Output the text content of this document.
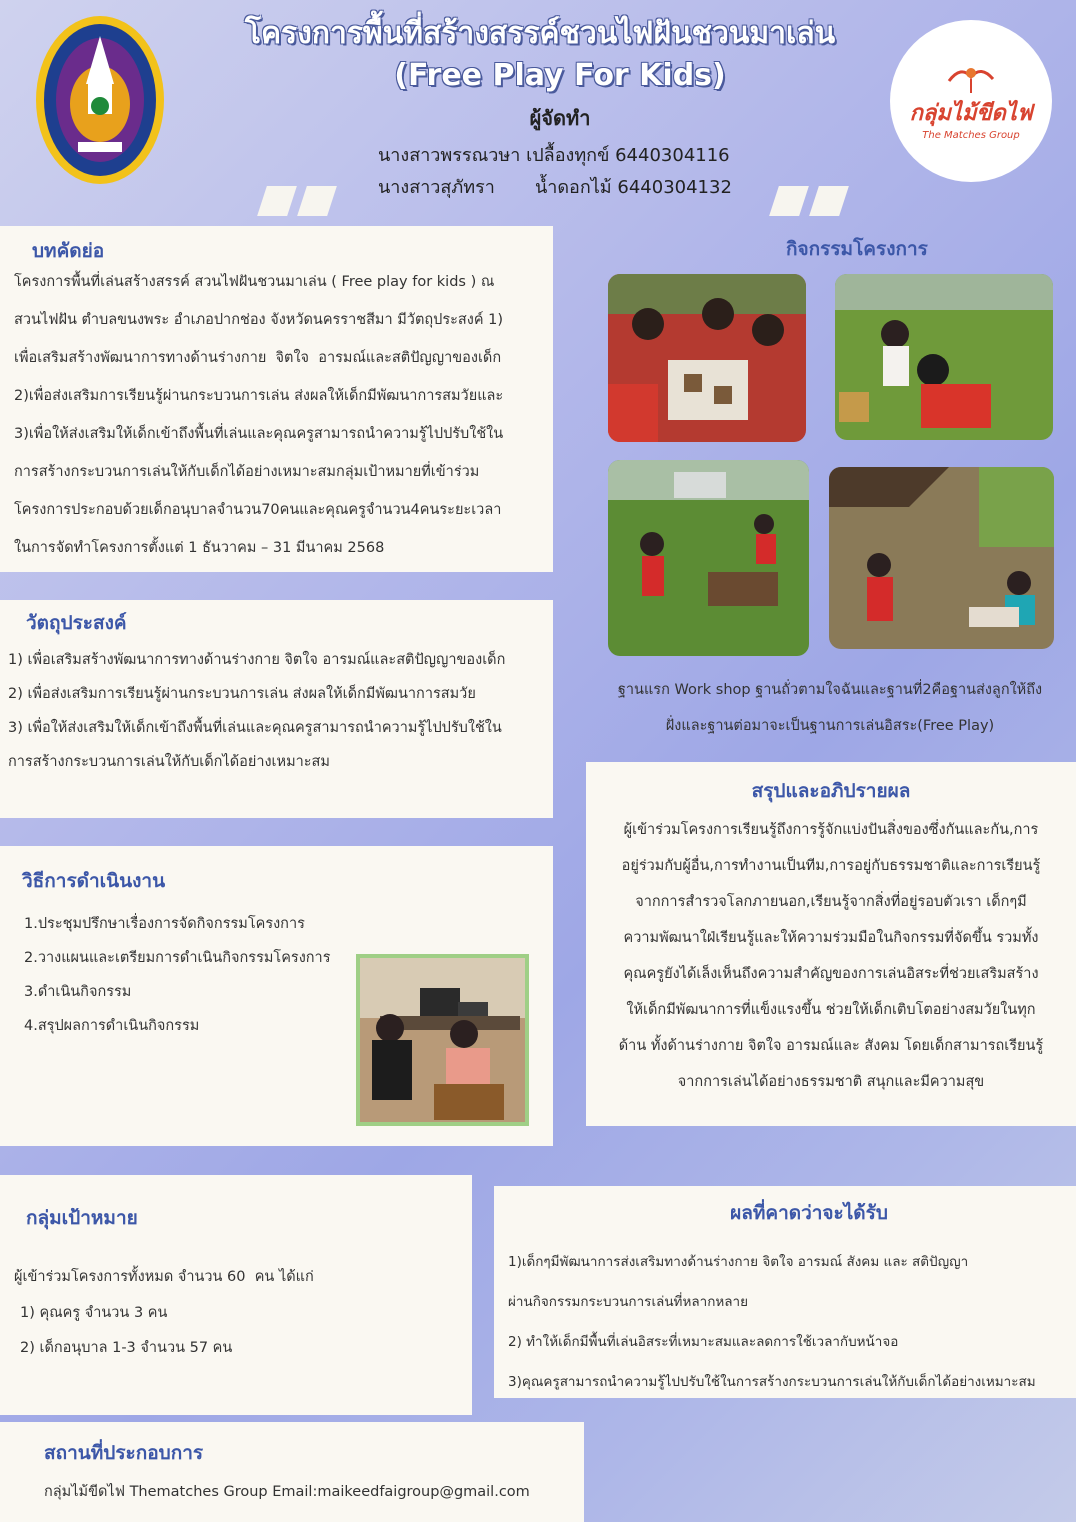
โครงการพื้นที่สร้างสรรค์ชวนไฟฝันชวนมาเล่น
(Free Play For Kids)
ผู้จัดทำ
นางสาวพรรณวษา เปลื้องทุกข์ 6440304116
นางสาวสุภัทรา       น้ำดอกไม้ 6440304132
กลุ่มไม้ขีดไฟ
The Matches Group
บทคัดย่อ
โครงการพื้นที่เล่นสร้างสรรค์ สวนไฟฝันชวนมาเล่น ( Free play for kids ) ณ
สวนไฟฝัน ตำบลขนงพระ อำเภอปากช่อง จังหวัดนครราชสีมา มีวัตถุประสงค์ 1)
เพื่อเสริมสร้างพัฒนาการทางด้านร่างกาย  จิตใจ  อารมณ์และสติปัญญาของเด็ก
2)เพื่อส่งเสริมการเรียนรู้ผ่านกระบวนการเล่น ส่งผลให้เด็กมีพัฒนาการสมวัยและ
3)เพื่อให้ส่งเสริมให้เด็กเข้าถึงพื้นที่เล่นและคุณครูสามารถนำความรู้ไปปรับใช้ใน
การสร้างกระบวนการเล่นให้กับเด็กได้อย่างเหมาะสมกลุ่มเป้าหมายที่เข้าร่วม
โครงการประกอบด้วยเด็กอนุบาลจำนวน70คนและคุณครูจำนวน4คนระยะเวลา
ในการจัดทำโครงการตั้งแต่ 1 ธันวาคม – 31 มีนาคม 2568
วัตถุประสงค์
1) เพื่อเสริมสร้างพัฒนาการทางด้านร่างกาย จิตใจ อารมณ์และสติปัญญาของเด็ก
2) เพื่อส่งเสริมการเรียนรู้ผ่านกระบวนการเล่น ส่งผลให้เด็กมีพัฒนาการสมวัย
3) เพื่อให้ส่งเสริมให้เด็กเข้าถึงพื้นที่เล่นและคุณครูสามารถนำความรู้ไปปรับใช้ใน
การสร้างกระบวนการเล่นให้กับเด็กได้อย่างเหมาะสม
วิธีการดำเนินงาน
1.ประชุมปรึกษาเรื่องการจัดกิจกรรมโครงการ
2.วางแผนและเตรียมการดำเนินกิจกรรมโครงการ
3.ดำเนินกิจกรรม
4.สรุปผลการดำเนินกิจกรรม
กลุ่มเป้าหมาย
ผู้เข้าร่วมโครงการทั้งหมด จำนวน 60  คน ได้แก่
1) คุณครู จำนวน 3 คน
2) เด็กอนุบาล 1-3 จำนวน 57 คน
สถานที่ประกอบการ
กลุ่มไม้ขีดไฟ Thematches Group Email:maikeedfaigroup@gmail.com
กิจกรรมโครงการ
ฐานแรก Work shop ฐานถั่วตามใจฉันและฐานที่2คือฐานส่งลูกให้ถึง
ฝั่งและฐานต่อมาจะเป็นฐานการเล่นอิสระ(Free Play)
สรุปและอภิปรายผล
ผู้เข้าร่วมโครงการเรียนรู้ถึงการรู้จักแบ่งปันสิ่งของซึ่งกันและกัน,การ
อยู่ร่วมกับผู้อื่น,การทำงานเป็นทีม,การอยู่กับธรรมชาติและการเรียนรู้
จากการสำรวจโลกภายนอก,เรียนรู้จากสิ่งที่อยู่รอบตัวเรา เด็กๆมี
ความพัฒนาใฝ่เรียนรู้และให้ความร่วมมือในกิจกรรมที่จัดขึ้น รวมทั้ง
คุณครูยังได้เล็งเห็นถึงความสำคัญของการเล่นอิสระที่ช่วยเสริมสร้าง
ให้เด็กมีพัฒนาการที่แข็งแรงขึ้น ช่วยให้เด็กเติบโตอย่างสมวัยในทุก
ด้าน ทั้งด้านร่างกาย จิตใจ อารมณ์และ สังคม โดยเด็กสามารถเรียนรู้
จากการเล่นได้อย่างธรรมชาติ สนุกและมีความสุข
ผลที่คาดว่าจะได้รับ
1)เด็กๆมีพัฒนาการส่งเสริมทางด้านร่างกาย จิตใจ อารมณ์ สังคม และ สติปัญญา
ผ่านกิจกรรมกระบวนการเล่นที่หลากหลาย
2) ทำให้เด็กมีพื้นที่เล่นอิสระที่เหมาะสมและลดการใช้เวลากับหน้าจอ
3)คุณครูสามารถนำความรู้ไปปรับใช้ในการสร้างกระบวนการเล่นให้กับเด็กได้อย่างเหมาะสม
